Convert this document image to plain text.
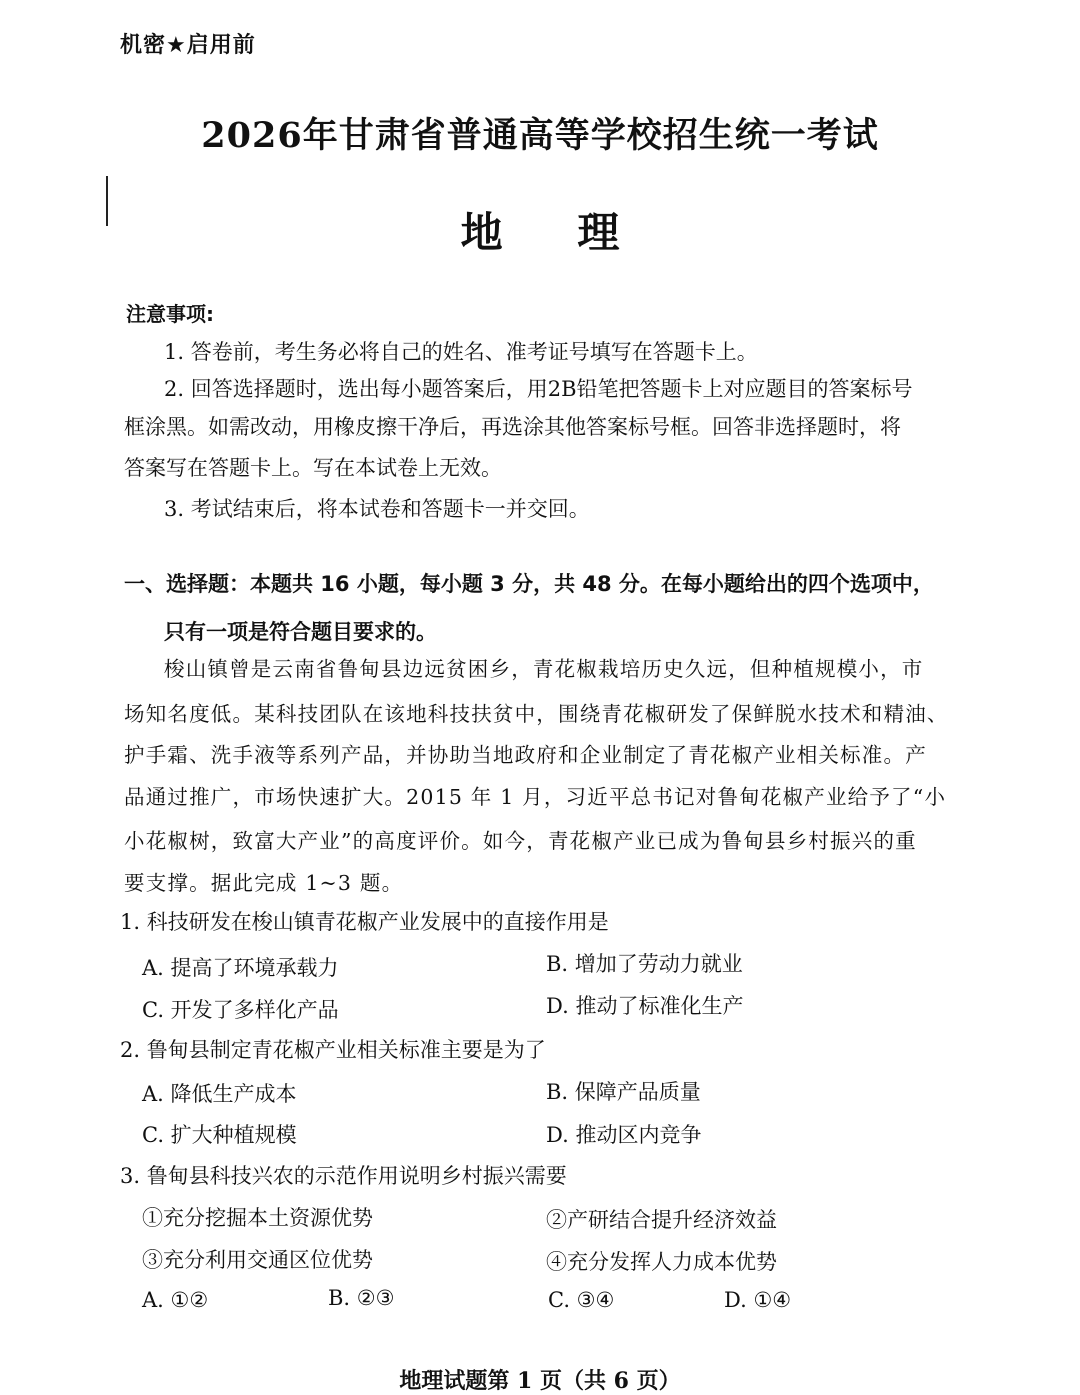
机密★启用前
2026年甘肃省普通高等学校招生统一考试
地 理
注意事项:
1. 答卷前，考生务必将自己的姓名、准考证号填写在答题卡上。
2. 回答选择题时，选出每小题答案后，用2B铅笔把答题卡上对应题目的答案标号
框涂黑。如需改动，用橡皮擦干净后，再选涂其他答案标号框。回答非选择题时，将
答案写在答题卡上。写在本试卷上无效。
3. 考试结束后，将本试卷和答题卡一并交回。
一、选择题：本题共 16 小题，每小题 3 分，共 48 分。在每小题给出的四个选项中，
只有一项是符合题目要求的。
梭山镇曾是云南省鲁甸县边远贫困乡，青花椒栽培历史久远，但种植规模小，市
场知名度低。某科技团队在该地科技扶贫中，围绕青花椒研发了保鲜脱水技术和精油、
护手霜、洗手液等系列产品，并协助当地政府和企业制定了青花椒产业相关标准。产
品通过推广，市场快速扩大。2015 年 1 月，习近平总书记对鲁甸花椒产业给予了“小
小花椒树，致富大产业”的高度评价。如今，青花椒产业已成为鲁甸县乡村振兴的重
要支撑。据此完成 1~3 题。
1. 科技研发在梭山镇青花椒产业发展中的直接作用是
A. 提高了环境承载力	B. 增加了劳动力就业
C. 开发了多样化产品	D. 推动了标准化生产
2. 鲁甸县制定青花椒产业相关标准主要是为了
A. 降低生产成本	B. 保障产品质量
C. 扩大种植规模	D. 推动区内竞争
3. 鲁甸县科技兴农的示范作用说明乡村振兴需要
①充分挖掘本土资源优势	②产研结合提升经济效益
③充分利用交通区位优势	④充分发挥人力成本优势
A. ①②	B. ②③	C. ③④	D. ①④
地理试题第 1 页（共 6 页）
